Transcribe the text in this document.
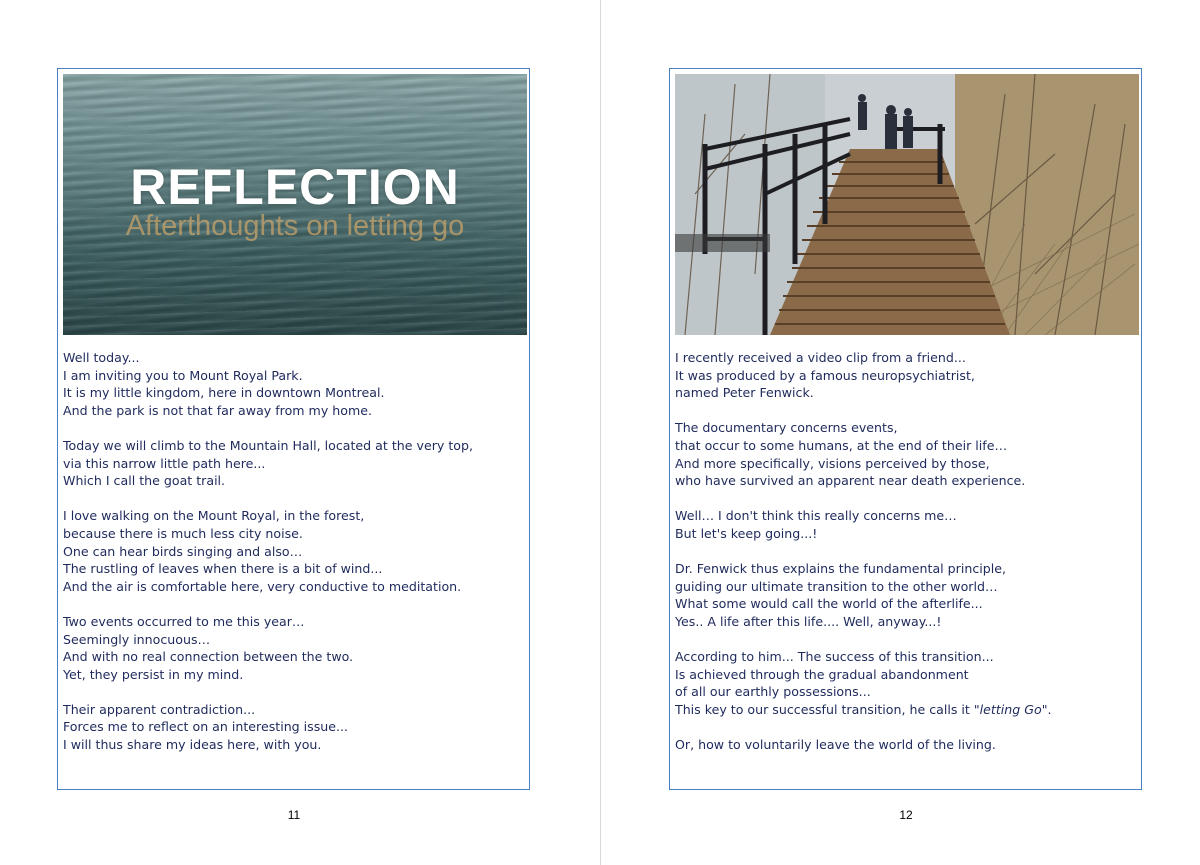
REFLECTION
Afterthoughts on letting go

Well today...
I am inviting you to Mount Royal Park.
It is my little kingdom, here in downtown Montreal.
And the park is not that far away from my home.

Today we will climb to the Mountain Hall, located at the very top,
via this narrow little path here...
Which I call the goat trail.

I love walking on the Mount Royal, in the forest,
because there is much less city noise.
One can hear birds singing and also…
The rustling of leaves when there is a bit of wind...
And the air is comfortable here, very conductive to meditation.

Two events occurred to me this year…
Seemingly innocuous…
And with no real connection between the two.
Yet, they persist in my mind.

Their apparent contradiction...
Forces me to reflect on an interesting issue...
I will thus share my ideas here, with you.

11

I recently received a video clip from a friend...
It was produced by a famous neuropsychiatrist,
named Peter Fenwick.

The documentary concerns events,
that occur to some humans, at the end of their life…
And more specifically, visions perceived by those,
who have survived an apparent near death experience.

Well… I don't think this really concerns me…
But let's keep going...!

Dr. Fenwick thus explains the fundamental principle,
guiding our ultimate transition to the other world…
What some would call the world of the afterlife...
Yes.. A life after this life.... Well, anyway...!

According to him... The success of this transition...
Is achieved through the gradual abandonment
of all our earthly possessions...
This key to our successful transition, he calls it "letting Go".

Or, how to voluntarily leave the world of the living.

12
